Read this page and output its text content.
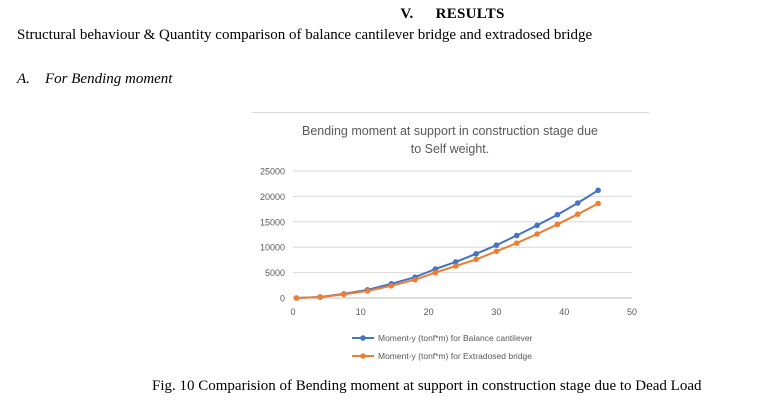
V. RESULTS
Structural behaviour & Quantity comparison of balance cantilever bridge and extradosed bridge
A. For Bending moment
Bending moment at support in construction stage due
to Self weight.
0
5000
10000
15000
20000
25000
0	10	20	30	40	50
Moment-y (tonf*m) for Balance cantilever
Moment-y (tonf*m) for Extradosed bridge
Fig. 10 Comparision of Bending moment at support in construction stage due to Dead Load
